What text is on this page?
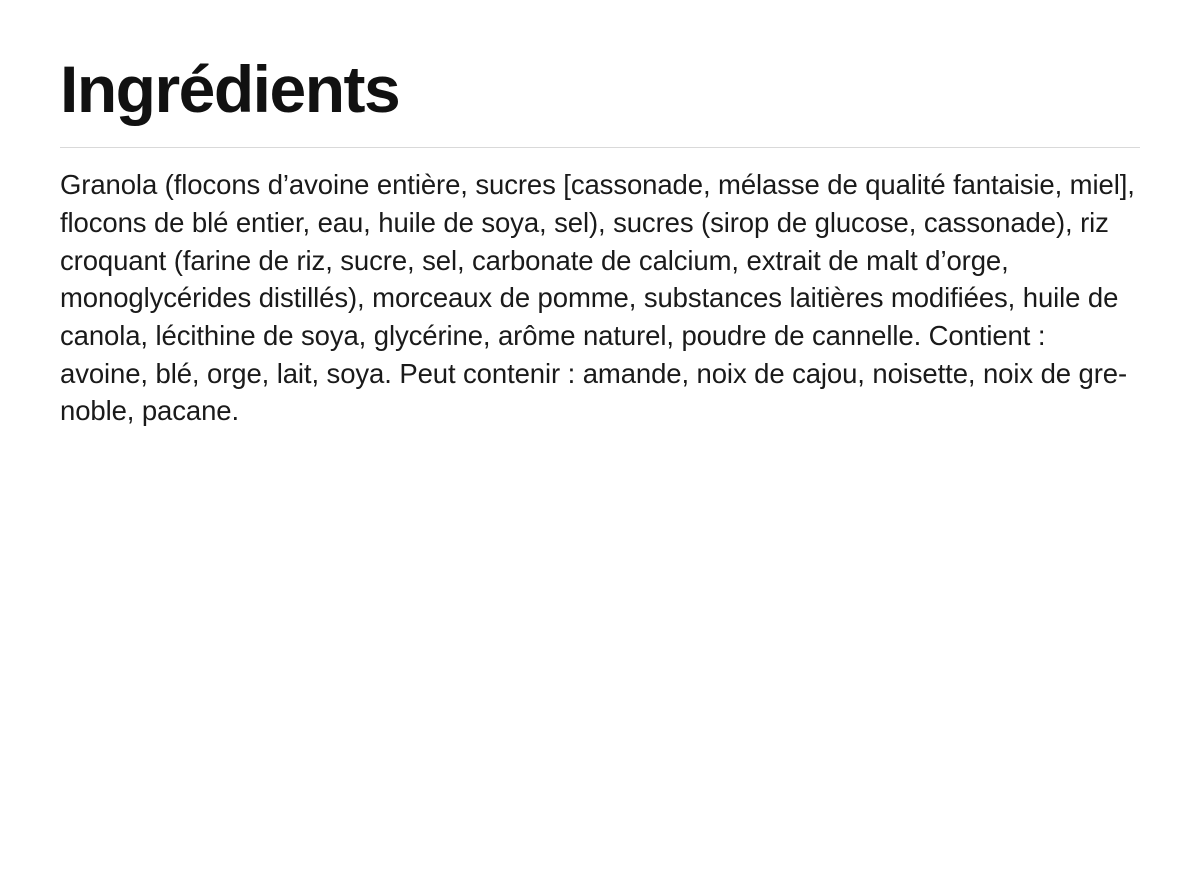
Ingrédients

Granola (flocons d’avoine entière, sucres [cassonade, mélasse de qualité fantaisie, miel], flocons de blé entier, eau, huile de soya, sel), sucres (sirop de glucose, cassonade), riz croquant (farine de riz, sucre, sel, carbonate de calcium, extrait de malt d’orge, monoglycérides distillés), morceaux de pomme, substances laitières modifiées, huile de canola, lécithine de soya, glycérine, arôme naturel, poudre de cannelle. Contient : avoine, blé, orge, lait, soya. Peut contenir : amande, noix de cajou, noisette, noix de gre-noble, pacane.
